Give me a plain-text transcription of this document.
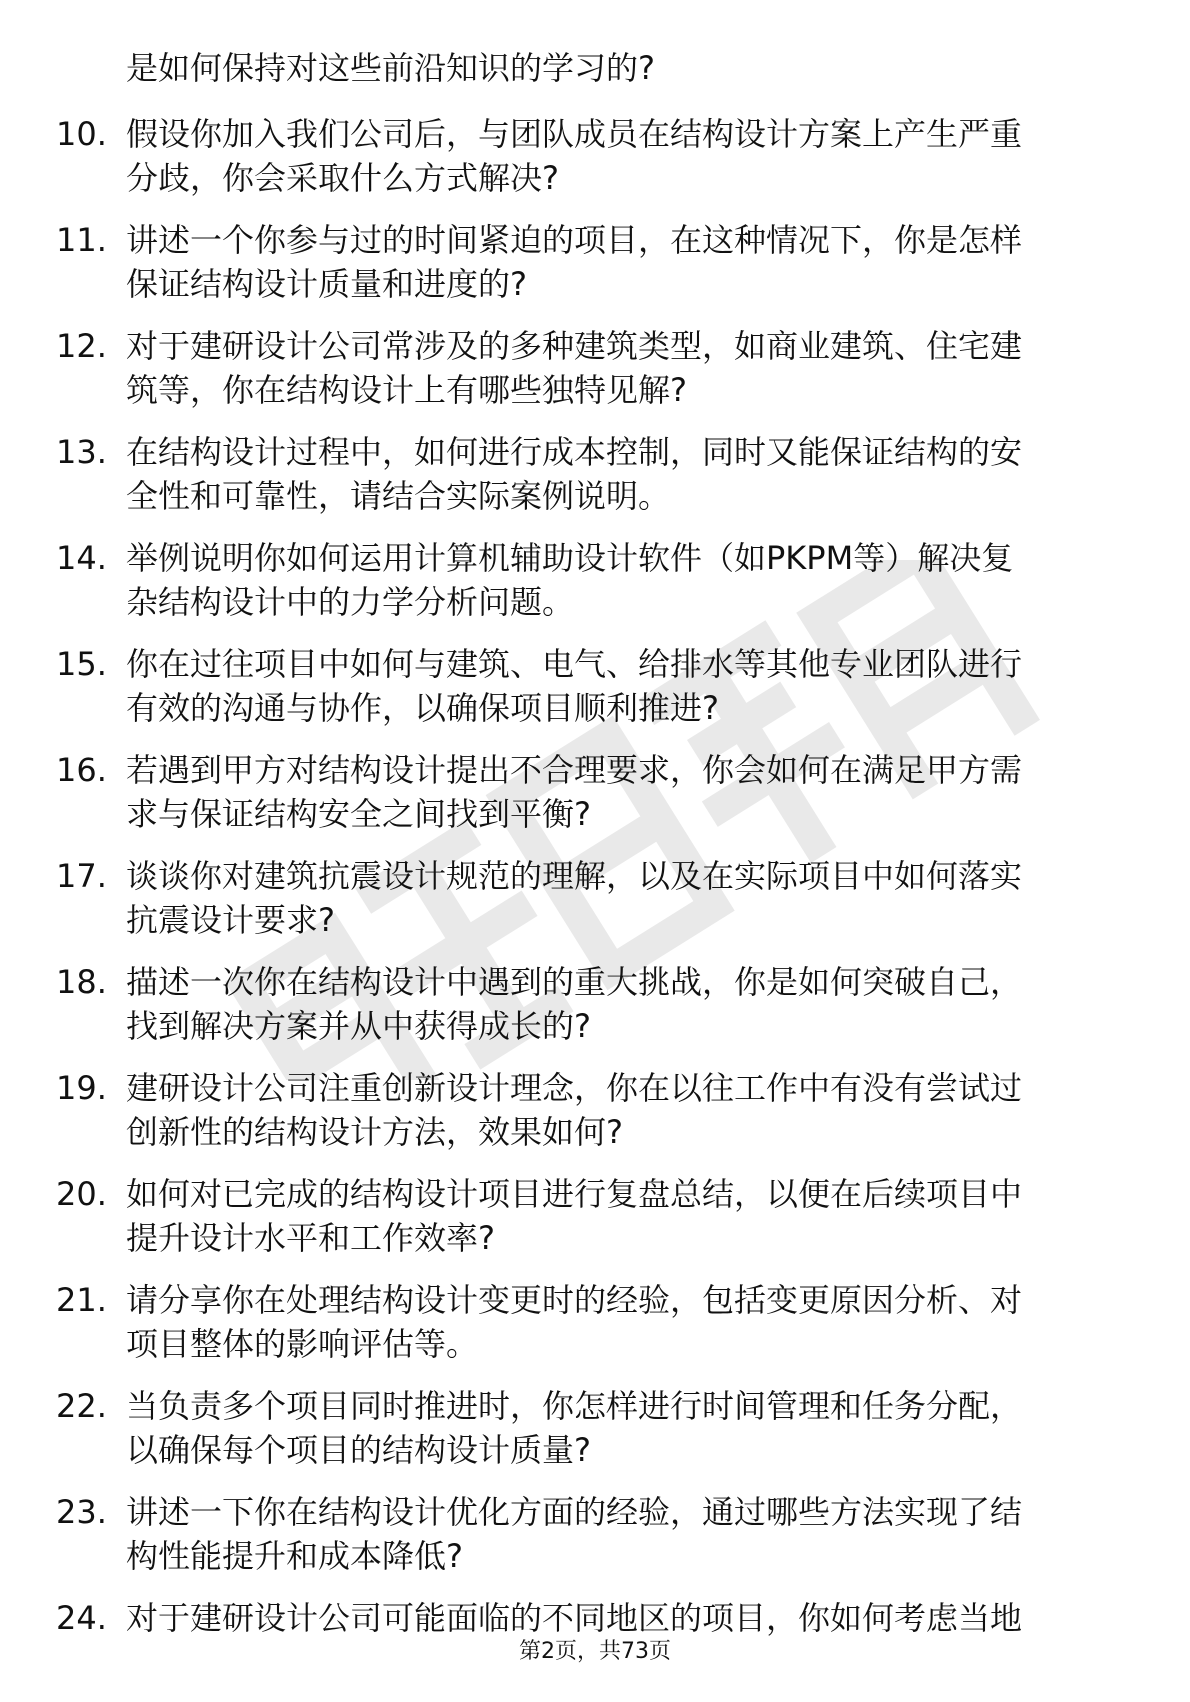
是如何保持对这些前沿知识的学习的?
10. 假设你加入我们公司后，与团队成员在结构设计方案上产生严重
分歧，你会采取什么方式解决?
11. 讲述一个你参与过的时间紧迫的项目，在这种情况下，你是怎样
保证结构设计质量和进度的?
12. 对于建研设计公司常涉及的多种建筑类型，如商业建筑、住宅建
筑等，你在结构设计上有哪些独特见解?
13. 在结构设计过程中，如何进行成本控制，同时又能保证结构的安
全性和可靠性，请结合实际案例说明。
14. 举例说明你如何运用计算机辅助设计软件（如PKPM等）解决复
杂结构设计中的力学分析问题。
15. 你在过往项目中如何与建筑、电气、给排水等其他专业团队进行
有效的沟通与协作，以确保项目顺利推进?
16. 若遇到甲方对结构设计提出不合理要求，你会如何在满足甲方需
求与保证结构安全之间找到平衡?
17. 谈谈你对建筑抗震设计规范的理解，以及在实际项目中如何落实
抗震设计要求?
18. 描述一次你在结构设计中遇到的重大挑战，你是如何突破自己，
找到解决方案并从中获得成长的?
19. 建研设计公司注重创新设计理念，你在以往工作中有没有尝试过
创新性的结构设计方法，效果如何?
20. 如何对已完成的结构设计项目进行复盘总结，以便在后续项目中
提升设计水平和工作效率?
21. 请分享你在处理结构设计变更时的经验，包括变更原因分析、对
项目整体的影响评估等。
22. 当负责多个项目同时推进时，你怎样进行时间管理和任务分配，
以确保每个项目的结构设计质量?
23. 讲述一下你在结构设计优化方面的经验，通过哪些方法实现了结
构性能提升和成本降低?
24. 对于建研设计公司可能面临的不同地区的项目，你如何考虑当地
第2页，共73页
